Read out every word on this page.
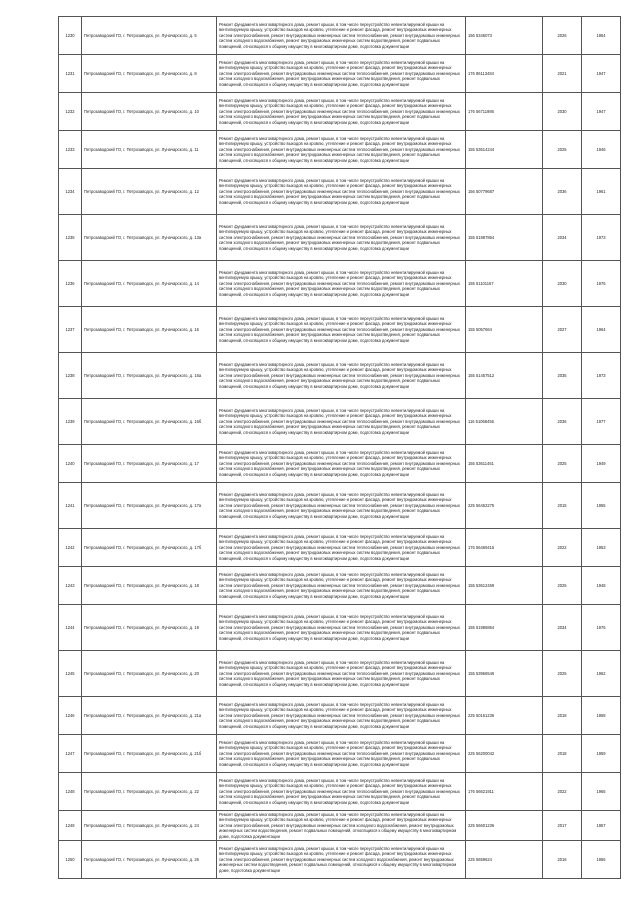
1230	Петрозаводский ГО, г. Петрозаводск, ул. Луначарского, д. 5	Ремонт фундамента многоквартирного дома, ремонт крыши, в том числе переустройство невентилируемой крыши на вентилируемую крышу, устройство выходов на кровлю, утепление и ремонт фасада, ремонт внутридомовых инженерных систем электроснабжения, ремонт внутридомовых инженерных систем теплоснабжения, ремонт внутридомовых инженерных систем холодного водоснабжения, ремонт внутридомовых инженерных систем водоотведения, ремонт подвальных помещений, относящихся к общему имуществу в многоквартирном доме, подготовка документации	156 5346073	2026	1954
1231	Петрозаводский ГО, г. Петрозаводск, ул. Луначарского, д. 8	Ремонт фундамента многоквартирного дома, ремонт крыши, в том числе переустройство невентилируемой крыши на вентилируемую крышу, устройство выходов на кровлю, утепление и ремонт фасада, ремонт внутридомовых инженерных систем электроснабжения, ремонт внутридомовых инженерных систем теплоснабжения, ремонт внутридомовых инженерных систем холодного водоснабжения, ремонт внутридомовых инженерных систем водоотведения, ремонт подвальных помещений, относящихся к общему имуществу в многоквартирном доме, подготовка документации	176 86113484	2021	1947
1232	Петрозаводский ГО, г. Петрозаводск, ул. Луначарского, д. 10	Ремонт фундамента многоквартирного дома, ремонт крыши, в том числе переустройство невентилируемой крыши на вентилируемую крышу, устройство выходов на кровлю, утепление и ремонт фасада, ремонт внутридомовых инженерных систем электроснабжения, ремонт внутридомовых инженерных систем теплоснабжения, ремонт внутридомовых инженерных систем холодного водоснабжения, ремонт внутридомовых инженерных систем водоотведения, ремонт подвальных помещений, относящихся к общему имуществу в многоквартирном доме, подготовка документации	176 56711986	2030	1947
1233	Петрозаводский ГО, г. Петрозаводск, ул. Луначарского, д. 11	Ремонт фундамента многоквартирного дома, ремонт крыши, в том числе переустройство невентилируемой крыши на вентилируемую крышу, устройство выходов на кровлю, утепление и ремонт фасада, ремонт внутридомовых инженерных систем электроснабжения, ремонт внутридомовых инженерных систем теплоснабжения, ремонт внутридомовых инженерных систем холодного водоснабжения, ремонт внутридомовых инженерных систем водоотведения, ремонт подвальных помещений, относящихся к общему имуществу в многоквартирном доме, подготовка документации	155 53614244	2025	1946
1234	Петрозаводский ГО, г. Петрозаводск, ул. Луначарского, д. 12	Ремонт фундамента многоквартирного дома, ремонт крыши, в том числе переустройство невентилируемой крыши на вентилируемую крышу, устройство выходов на кровлю, утепление и ремонт фасада, ремонт внутридомовых инженерных систем электроснабжения, ремонт внутридомовых инженерных систем теплоснабжения, ремонт внутридомовых инженерных систем холодного водоснабжения, ремонт внутридомовых инженерных систем водоотведения, ремонт подвальных помещений, относящихся к общему имуществу в многоквартирном доме, подготовка документации	156 50779687	2036	1961
1235	Петрозаводский ГО, г. Петрозаводск, ул. Луначарского, д. 13а	Ремонт фундамента многоквартирного дома, ремонт крыши, в том числе переустройство невентилируемой крыши на вентилируемую крышу, устройство выходов на кровлю, утепление и ремонт фасада, ремонт внутридомовых инженерных систем электроснабжения, ремонт внутридомовых инженерных систем теплоснабжения, ремонт внутридомовых инженерных систем холодного водоснабжения, ремонт внутридомовых инженерных систем водоотведения, ремонт подвальных помещений, относящихся к общему имуществу в многоквартирном доме, подготовка документации	155 51987864	2034	1973
1236	Петрозаводский ГО, г. Петрозаводск, ул. Луначарского, д. 14	Ремонт фундамента многоквартирного дома, ремонт крыши, в том числе переустройство невентилируемой крыши на вентилируемую крышу, устройство выходов на кровлю, утепление и ремонт фасада, ремонт внутридомовых инженерных систем электроснабжения, ремонт внутридомовых инженерных систем теплоснабжения, ремонт внутридомовых инженерных систем холодного водоснабжения, ремонт внутридомовых инженерных систем водоотведения, ремонт подвальных помещений, относящихся к общему имуществу в многоквартирном доме, подготовка документации	155 51101167	2030	1976
1237	Петрозаводский ГО, г. Петрозаводск, ул. Луначарского, д. 16	Ремонт фундамента многоквартирного дома, ремонт крыши, в том числе переустройство невентилируемой крыши на вентилируемую крышу, устройство выходов на кровлю, утепление и ремонт фасада, ремонт внутридомовых инженерных систем электроснабжения, ремонт внутридомовых инженерных систем теплоснабжения, ремонт внутридомовых инженерных систем холодного водоснабжения, ремонт внутридомовых инженерных систем водоотведения, ремонт подвальных помещений, относящихся к общему имуществу в многоквартирном доме, подготовка документации	155 5057664	2027	1964
1238	Петрозаводский ГО, г. Петрозаводск, ул. Луначарского, д. 16а	Ремонт фундамента многоквартирного дома, ремонт крыши, в том числе переустройство невентилируемой крыши на вентилируемую крышу, устройство выходов на кровлю, утепление и ремонт фасада, ремонт внутридомовых инженерных систем электроснабжения, ремонт внутридомовых инженерных систем теплоснабжения, ремонт внутридомовых инженерных систем холодного водоснабжения, ремонт внутридомовых инженерных систем водоотведения, ремонт подвальных помещений, относящихся к общему имуществу в многоквартирном доме, подготовка документации	155 51457512	2035	1973
1239	Петрозаводский ГО, г. Петрозаводск, ул. Луначарского, д. 16б	Ремонт фундамента многоквартирного дома, ремонт крыши, в том числе переустройство невентилируемой крыши на вентилируемую крышу, устройство выходов на кровлю, утепление и ремонт фасада, ремонт внутридомовых инженерных систем электроснабжения, ремонт внутридомовых инженерных систем теплоснабжения, ремонт внутридомовых инженерных систем холодного водоснабжения, ремонт внутридомовых инженерных систем водоотведения, ремонт подвальных помещений, относящихся к общему имуществу в многоквартирном доме, подготовка документации	116 51068456	2036	1977
1240	Петрозаводский ГО, г. Петрозаводск, ул. Луначарского, д. 17	Ремонт фундамента многоквартирного дома, ремонт крыши, в том числе переустройство невентилируемой крыши на вентилируемую крышу, устройство выходов на кровлю, утепление и ремонт фасада, ремонт внутридомовых инженерных систем электроснабжения, ремонт внутридомовых инженерных систем теплоснабжения, ремонт внутридомовых инженерных систем холодного водоснабжения, ремонт внутридомовых инженерных систем водоотведения, ремонт подвальных помещений, относящихся к общему имуществу в многоквартирном доме, подготовка документации	155 53611461	2025	1949
1241	Петрозаводский ГО, г. Петрозаводск, ул. Луначарского, д. 17а	Ремонт фундамента многоквартирного дома, ремонт крыши, в том числе переустройство невентилируемой крыши на вентилируемую крышу, устройство выходов на кровлю, утепление и ремонт фасада, ремонт внутридомовых инженерных систем электроснабжения, ремонт внутридомовых инженерных систем теплоснабжения, ремонт внутридомовых инженерных систем холодного водоснабжения, ремонт внутридомовых инженерных систем водоотведения, ремонт подвальных помещений, относящихся к общему имуществу в многоквартирном доме, подготовка документации	225 56462275	2015	1955
1242	Петрозаводский ГО, г. Петрозаводск, ул. Луначарского, д. 17б	Ремонт фундамента многоквартирного дома, ремонт крыши, в том числе переустройство невентилируемой крыши на вентилируемую крышу, устройство выходов на кровлю, утепление и ремонт фасада, ремонт внутридомовых инженерных систем электроснабжения, ремонт внутридомовых инженерных систем теплоснабжения, ремонт внутридомовых инженерных систем холодного водоснабжения, ремонт внутридомовых инженерных систем водоотведения, ремонт подвальных помещений, относящихся к общему имуществу в многоквартирном доме, подготовка документации	176 56469415	2022	1953
1243	Петрозаводский ГО, г. Петрозаводск, ул. Луначарского, д. 18	Ремонт фундамента многоквартирного дома, ремонт крыши, в том числе переустройство невентилируемой крыши на вентилируемую крышу, устройство выходов на кровлю, утепление и ремонт фасада, ремонт внутридомовых инженерных систем электроснабжения, ремонт внутридомовых инженерных систем теплоснабжения, ремонт внутридомовых инженерных систем холодного водоснабжения, ремонт внутридомовых инженерных систем водоотведения, ремонт подвальных помещений, относящихся к общему имуществу в многоквартирном доме, подготовка документации	155 53612469	2025	1948
1244	Петрозаводский ГО, г. Петрозаводск, ул. Луначарского, д. 19	Ремонт фундамента многоквартирного дома, ремонт крыши, в том числе переустройство невентилируемой крыши на вентилируемую крышу, устройство выходов на кровлю, утепление и ремонт фасада, ремонт внутридомовых инженерных систем электроснабжения, ремонт внутридомовых инженерных систем теплоснабжения, ремонт внутридомовых инженерных систем холодного водоснабжения, ремонт внутридомовых инженерных систем водоотведения, ремонт подвальных помещений, относящихся к общему имуществу в многоквартирном доме, подготовка документации	155 51986864	2034	1976
1245	Петрозаводский ГО, г. Петрозаводск, ул. Луначарского, д. 20	Ремонт фундамента многоквартирного дома, ремонт крыши, в том числе переустройство невентилируемой крыши на вентилируемую крышу, устройство выходов на кровлю, утепление и ремонт фасада, ремонт внутридомовых инженерных систем электроснабжения, ремонт внутридомовых инженерных систем теплоснабжения, ремонт внутридомовых инженерных систем холодного водоснабжения, ремонт внутридомовых инженерных систем водоотведения, ремонт подвальных помещений, относящихся к общему имуществу в многоквартирном доме, подготовка документации	155 53966546	2025	1962
1246	Петрозаводский ГО, г. Петрозаводск, ул. Луначарского, д. 21а	Ремонт фундамента многоквартирного дома, ремонт крыши, в том числе переустройство невентилируемой крыши на вентилируемую крышу, устройство выходов на кровлю, утепление и ремонт фасада, ремонт внутридомовых инженерных систем электроснабжения, ремонт внутридомовых инженерных систем теплоснабжения, ремонт внутридомовых инженерных систем холодного водоснабжения, ремонт внутридомовых инженерных систем водоотведения, ремонт подвальных помещений, относящихся к общему имуществу в многоквартирном доме, подготовка документации	225 50161236	2018	1958
1247	Петрозаводский ГО, г. Петрозаводск, ул. Луначарского, д. 21б	Ремонт фундамента многоквартирного дома, ремонт крыши, в том числе переустройство невентилируемой крыши на вентилируемую крышу, устройство выходов на кровлю, утепление и ремонт фасада, ремонт внутридомовых инженерных систем электроснабжения, ремонт внутридомовых инженерных систем теплоснабжения, ремонт внутридомовых инженерных систем холодного водоснабжения, ремонт внутридомовых инженерных систем водоотведения, ремонт подвальных помещений, относящихся к общему имуществу в многоквартирном доме, подготовка документации	225 56200042	2018	1959
1248	Петрозаводский ГО, г. Петрозаводск, ул. Луначарского, д. 22	Ремонт фундамента многоквартирного дома, ремонт крыши, в том числе переустройство невентилируемой крыши на вентилируемую крышу, устройство выходов на кровлю, утепление и ремонт фасада, ремонт внутридомовых инженерных систем электроснабжения, ремонт внутридомовых инженерных систем теплоснабжения, ремонт внутридомовых инженерных систем холодного водоснабжения, ремонт внутридомовых инженерных систем водоотведения, ремонт подвальных помещений, относящихся к общему имуществу в многоквартирном доме, подготовка документации	176 56621911	2022	1965
1249	Петрозаводский ГО, г. Петрозаводск, ул. Луначарского, д. 24	Ремонт фундамента многоквартирного дома, ремонт крыши, в том числе переустройство невентилируемой крыши на вентилируемую крышу, устройство выходов на кровлю, утепление и ремонт фасада, ремонт внутридомовых инженерных систем электроснабжения, ремонт внутридомовых инженерных систем холодного водоснабжения, ремонт внутридомовых инженерных систем водоотведения, ремонт подвальных помещений, относящихся к общему имуществу в многоквартирном доме, подготовка документации	225 56601236	2017	1957
1250	Петрозаводский ГО, г. Петрозаводск, ул. Луначарского, д. 26	Ремонт фундамента многоквартирного дома, ремонт крыши, в том числе переустройство невентилируемой крыши на вентилируемую крышу, устройство выходов на кровлю, утепление и ремонт фасада, ремонт внутридомовых инженерных систем электроснабжения, ремонт внутридомовых инженерных систем холодного водоснабжения, ремонт внутридомовых инженерных систем водоотведения, ремонт подвальных помещений, относящихся к общему имуществу в многоквартирном доме, подготовка документации	225 5659624	2016	1956
